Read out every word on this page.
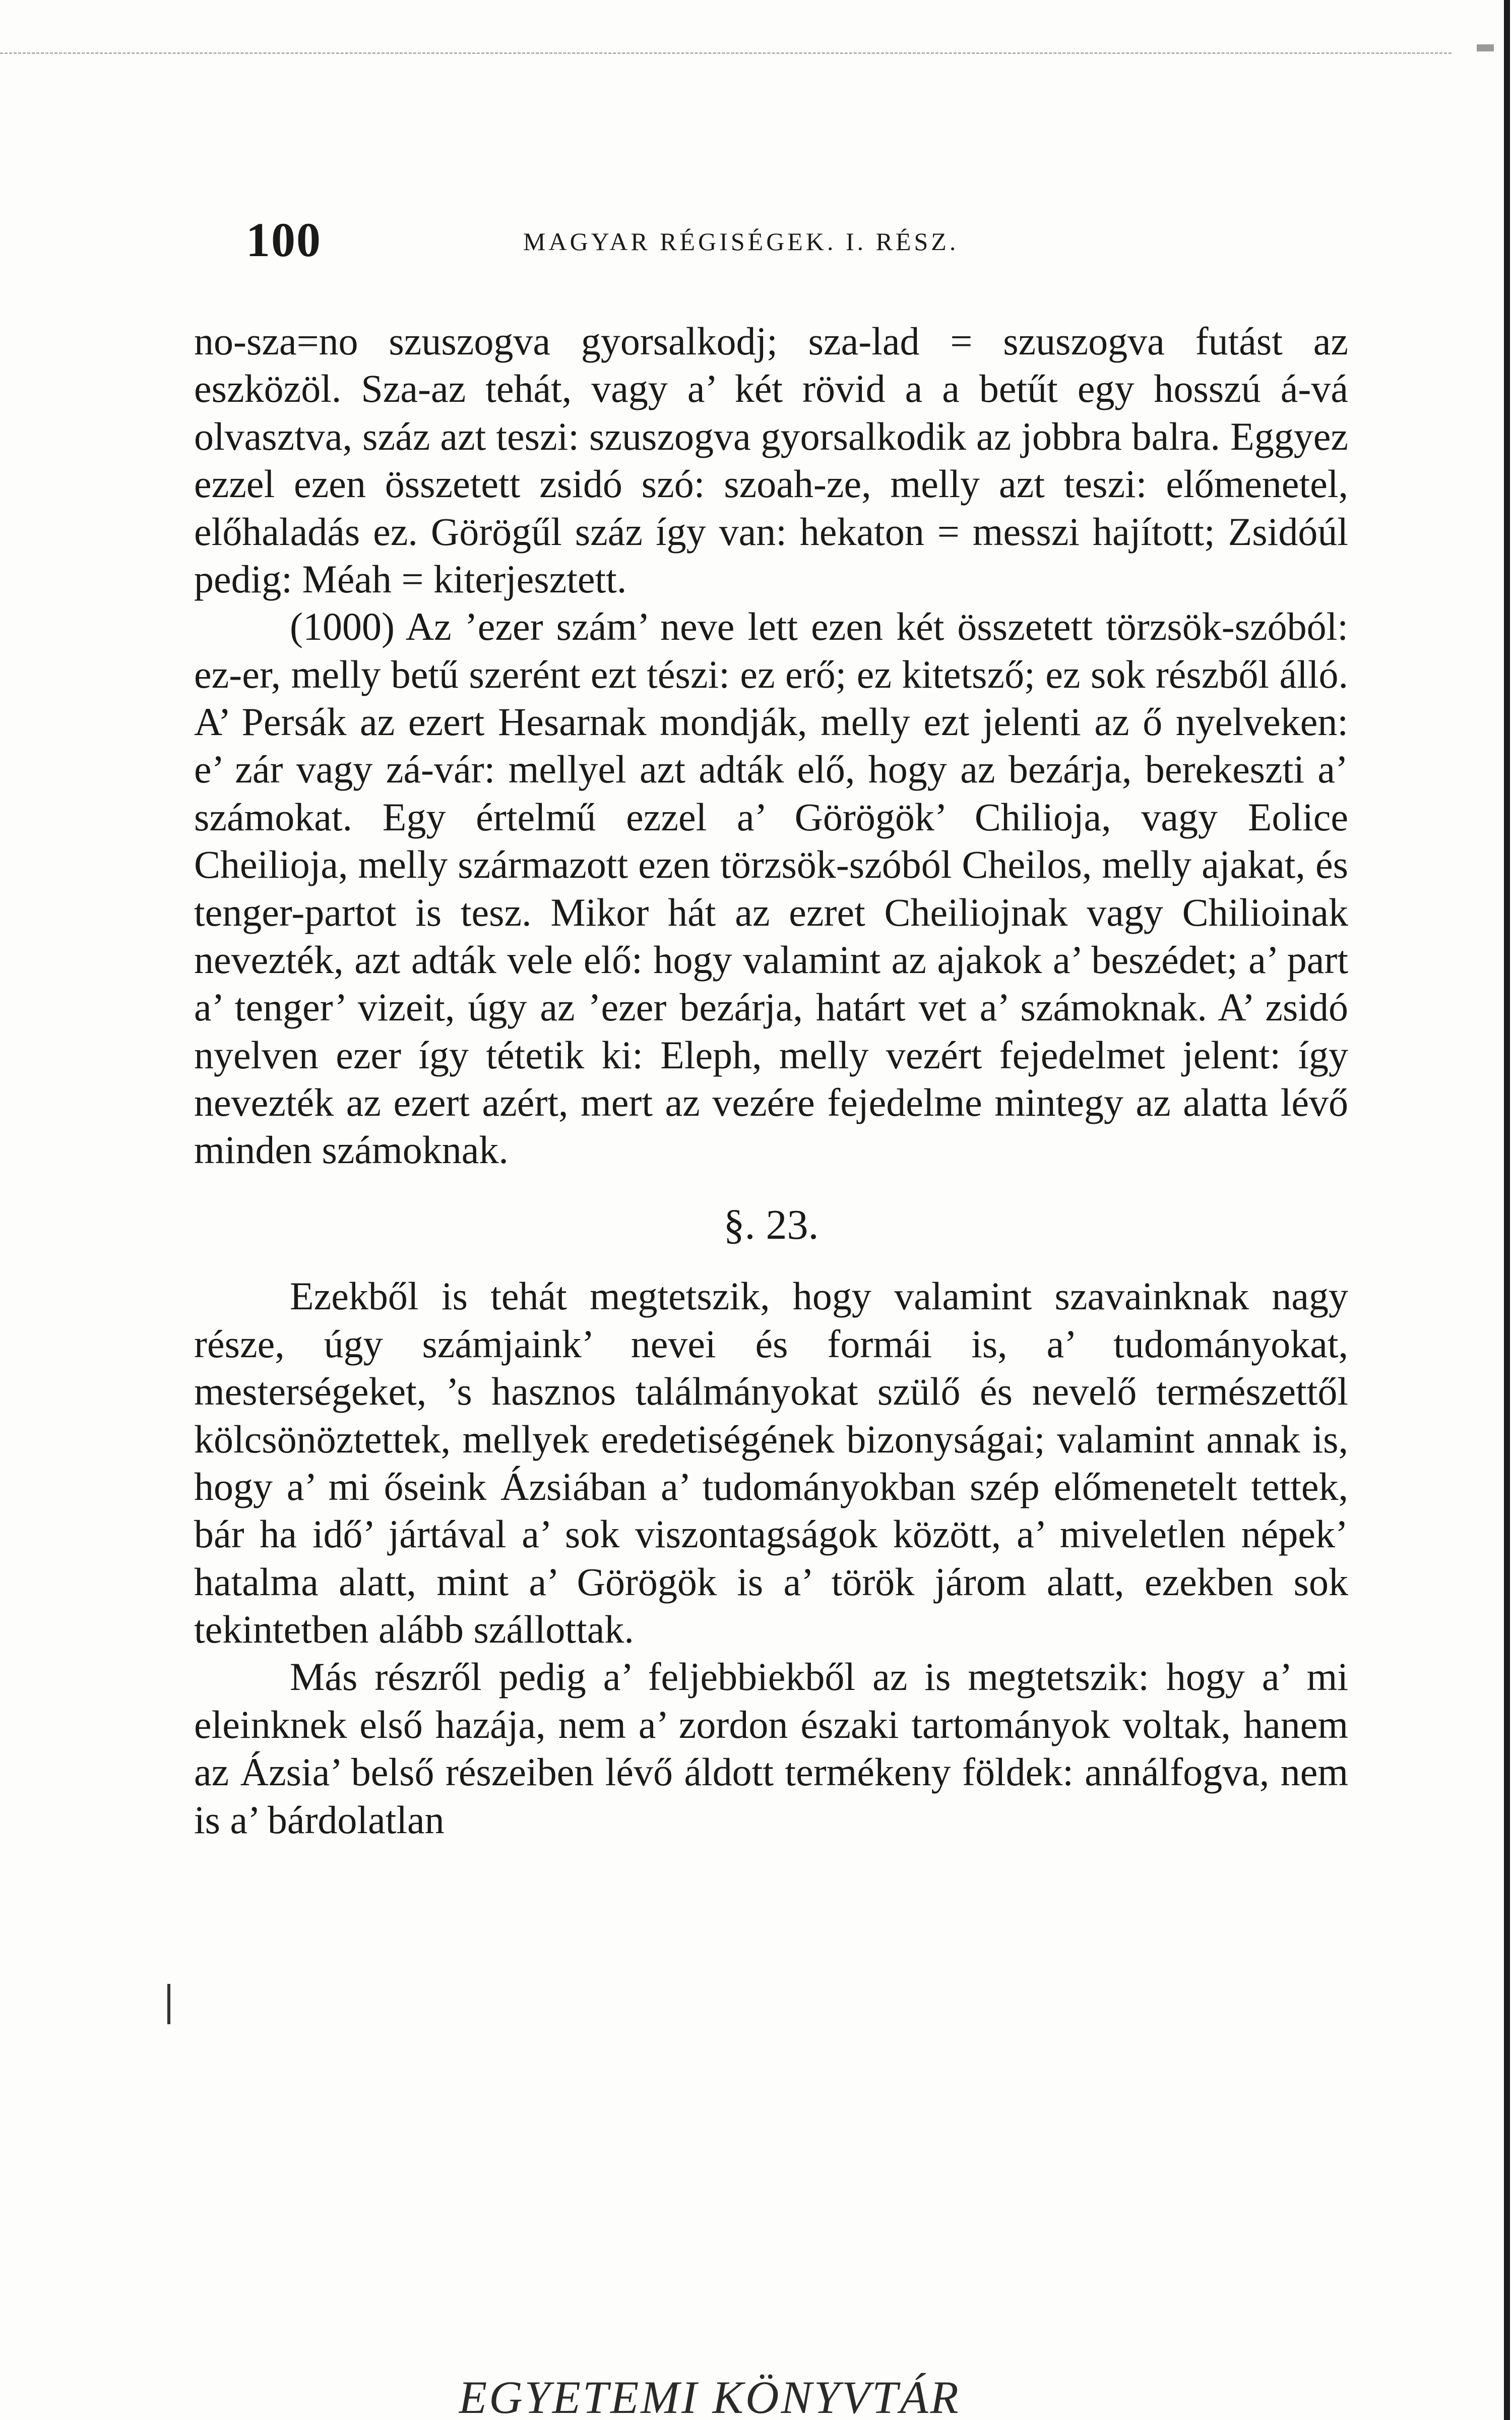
100	MAGYAR RÉGISÉGEK. I. RÉSZ.

no-sza=no szuszogva gyorsalkodj; sza-lad = szuszogva futást az eszközöl. Sza-az tehát, vagy a’ két rövid a a betűt egy hosszú á-vá olvasztva, száz azt teszi: szuszogva gyorsalkodik az jobbra balra. Eggyez ezzel ezen összetett zsidó szó: szoah-ze, melly azt teszi: előmenetel, előhaladás ez. Görögűl száz így van: hekaton = messzi hajított; Zsidóúl pedig: Méah = kiterjesztett.

(1000) Az ’ezer szám’ neve lett ezen két összetett törzsök-szóból: ez-er, melly betű szerént ezt tészi: ez erő; ez kitetsző; ez sok részből álló. A’ Persák az ezert Hesarnak mondják, melly ezt jelenti az ő nyelveken: e’ zár vagy zá-vár: mellyel azt adták elő, hogy az bezárja, berekeszti a’ számokat. Egy értelmű ezzel a’ Görögök’ Chilioja, vagy Eolice Cheilioja, melly származott ezen törzsök-szóból Cheilos, melly ajakat, és tenger-partot is tesz. Mikor hát az ezret Cheiliojnak vagy Chilioinak nevezték, azt adták vele elő: hogy valamint az ajakok a’ beszédet; a’ part a’ tenger’ vizeit, úgy az ’ezer bezárja, határt vet a’ számoknak. A’ zsidó nyelven ezer így tétetik ki: Eleph, melly vezért fejedelmet jelent: így nevezték az ezert azért, mert az vezére fejedelme mintegy az alatta lévő minden számoknak.

§. 23.

Ezekből is tehát megtetszik, hogy valamint szavainknak nagy része, úgy számjaink’ nevei és formái is, a’ tudományokat, mesterségeket, ’s hasznos találmányokat szülő és nevelő természettől kölcsönöztettek, mellyek eredetiségének bizonyságai; valamint annak is, hogy a’ mi őseink Ázsiában a’ tudományokban szép előmenetelt tettek, bár ha idő’ jártával a’ sok viszontagságok között, a’ miveletlen népek’ hatalma alatt, mint a’ Görögök is a’ török járom alatt, ezekben sok tekintetben alább szállottak.

Más részről pedig a’ feljebbiekből az is megtetszik: hogy a’ mi eleinknek első hazája, nem a’ zordon északi tartományok voltak, hanem az Ázsia’ belső részeiben lévő áldott termékeny földek: annálfogva, nem is a’ bárdolatlan

EGYETEMI KÖNYVTÁR
